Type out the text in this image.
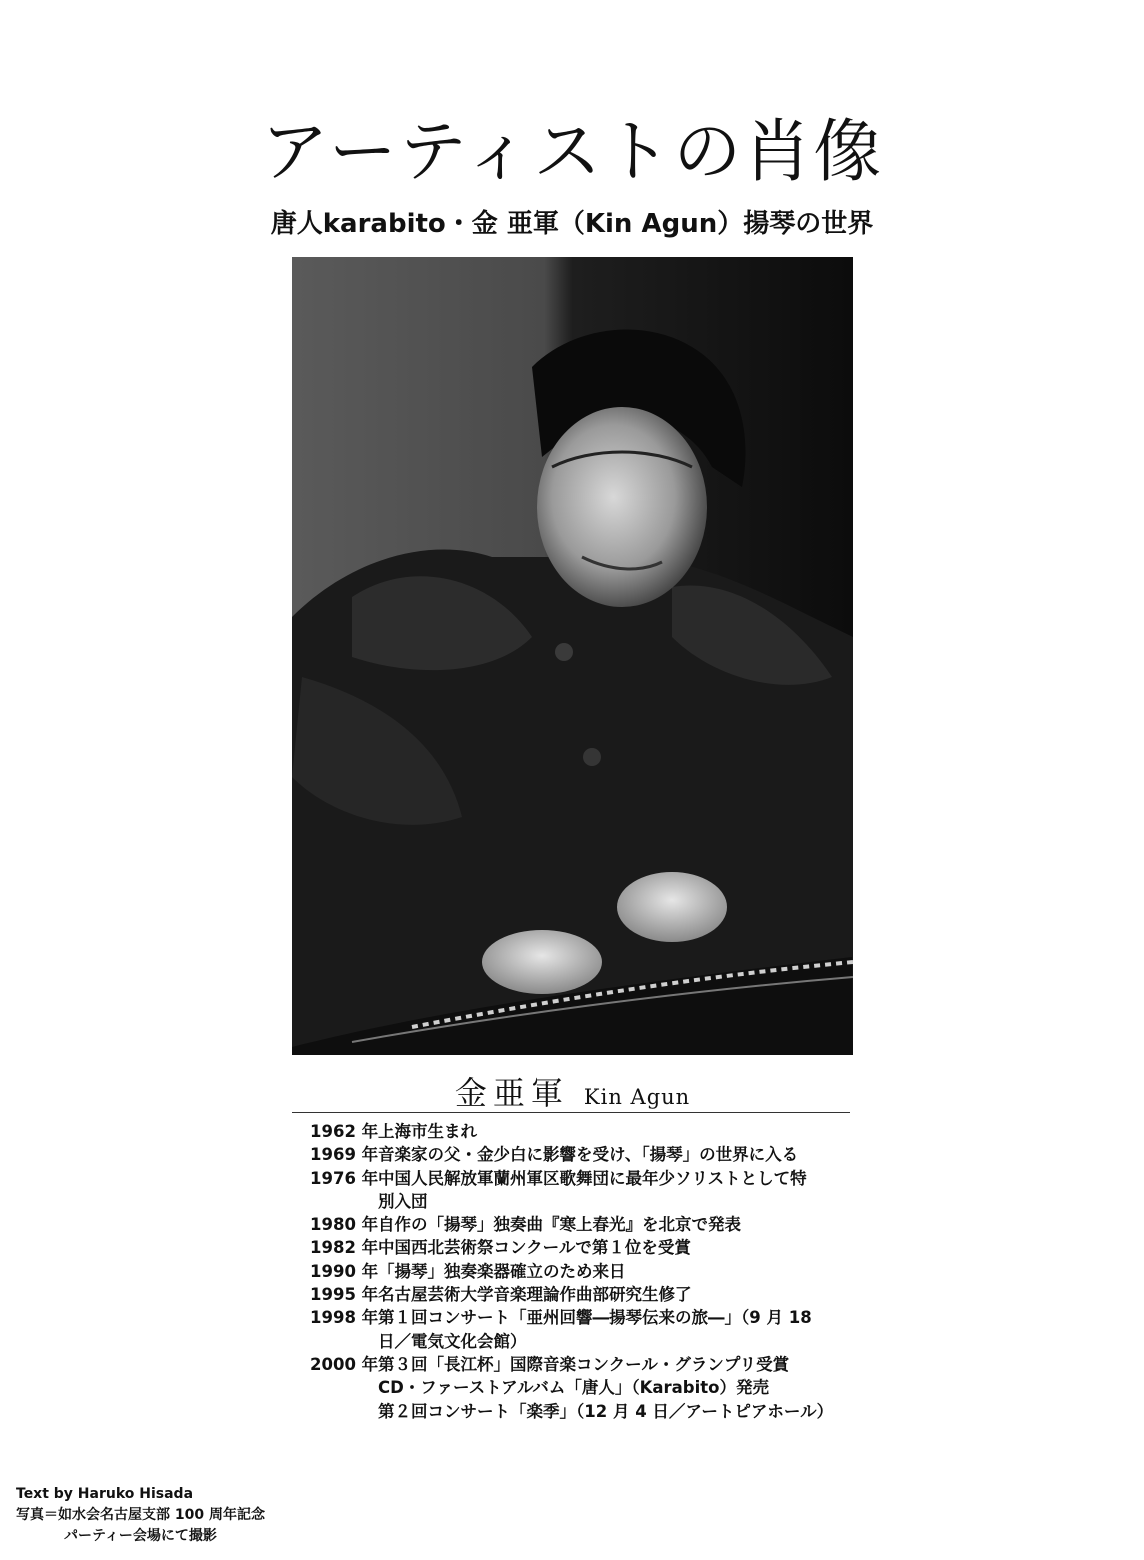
アーティストの肖像
唐人karabito・金 亜軍（Kin Agun）揚琴の世界
金亜軍 Kin Agun
1962 年 上海市生まれ
1969 年 音楽家の父・金少白に影響を受け、「揚琴」の世界に入る
1976 年 中国人民解放軍蘭州軍区歌舞団に最年少ソリストとして特
別入団
1980 年 自作の「揚琴」独奏曲『寒上春光』を北京で発表
1982 年 中国西北芸術祭コンクールで第１位を受賞
1990 年 「揚琴」独奏楽器確立のため来日
1995 年 名古屋芸術大学音楽理論作曲部研究生修了
1998 年 第１回コンサート「亜州回響―揚琴伝来の旅―」（9 月 18
日／電気文化会館）
2000 年 第３回「長江杯」国際音楽コンクール・グランプリ受賞
CD・ファーストアルバム「唐人」（Karabito）発売
第２回コンサート「楽季」（12 月 4 日／アートピアホール）
Text by Haruko Hisada
写真＝如水会名古屋支部 100 周年記念
パーティー会場にて撮影
